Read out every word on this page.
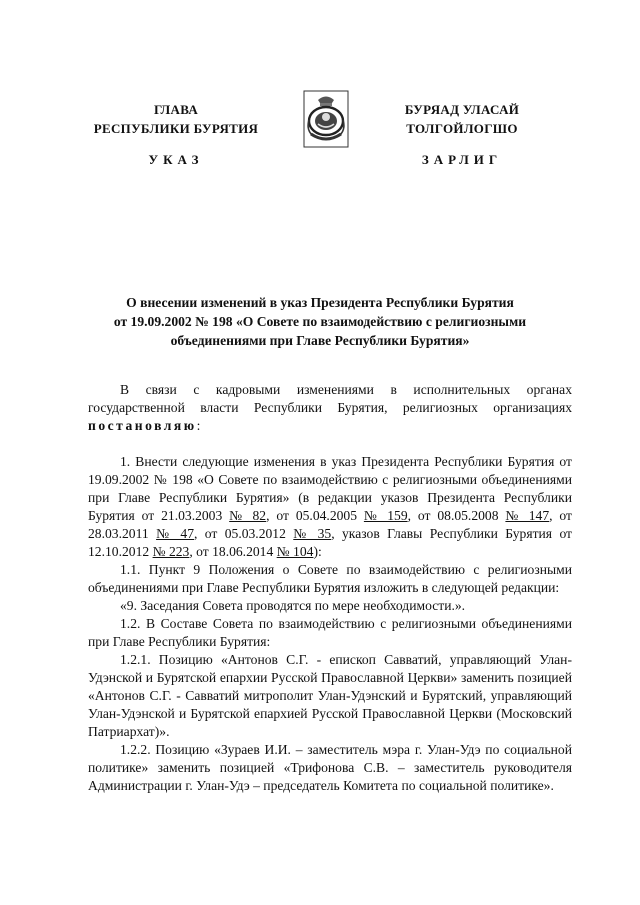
ГЛАВА
РЕСПУБЛИКИ БУРЯТИЯ
БУРЯАД УЛАСАЙ
ТОЛГОЙЛОГШО
УКАЗ	ЗАРЛИГ
О внесении изменений в указ Президента Республики Бурятия
от 19.09.2002 № 198 «О Совете по взаимодействию с религиозными
объединениями при Главе Республики Бурятия»

В связи с кадровыми изменениями в исполнительных органах государственной власти Республики Бурятия, религиозных организациях постановляю:

1. Внести следующие изменения в указ Президента Республики Бурятия от 19.09.2002 № 198 «О Совете по взаимодействию с религиозными объединениями при Главе Республики Бурятия» (в редакции указов Президента Республики Бурятия от 21.03.2003 № 82, от 05.04.2005 № 159, от 08.05.2008 № 147, от 28.03.2011 № 47, от 05.03.2012 № 35, указов Главы Республики Бурятия от 12.10.2012 № 223, от 18.06.2014 № 104):

1.1. Пункт 9 Положения о Совете по взаимодействию с религиозными объединениями при Главе Республики Бурятия изложить в следующей редакции:

«9. Заседания Совета проводятся по мере необходимости.».

1.2. В Составе Совета по взаимодействию с религиозными объединениями при Главе Республики Бурятия:

1.2.1. Позицию «Антонов С.Г. - епископ Савватий, управляющий Улан-Удэнской и Бурятской епархии Русской Православной Церкви» заменить позицией «Антонов С.Г. - Савватий митрополит Улан-Удэнский и Бурятский, управляющий Улан-Удэнской и Бурятской епархией Русской Православной Церкви (Московский Патриархат)».

1.2.2. Позицию «Зураев И.И. – заместитель мэра г. Улан-Удэ по социальной политике» заменить позицией «Трифонова С.В. – заместитель руководителя Администрации г. Улан-Удэ – председатель Комитета по социальной политике».
